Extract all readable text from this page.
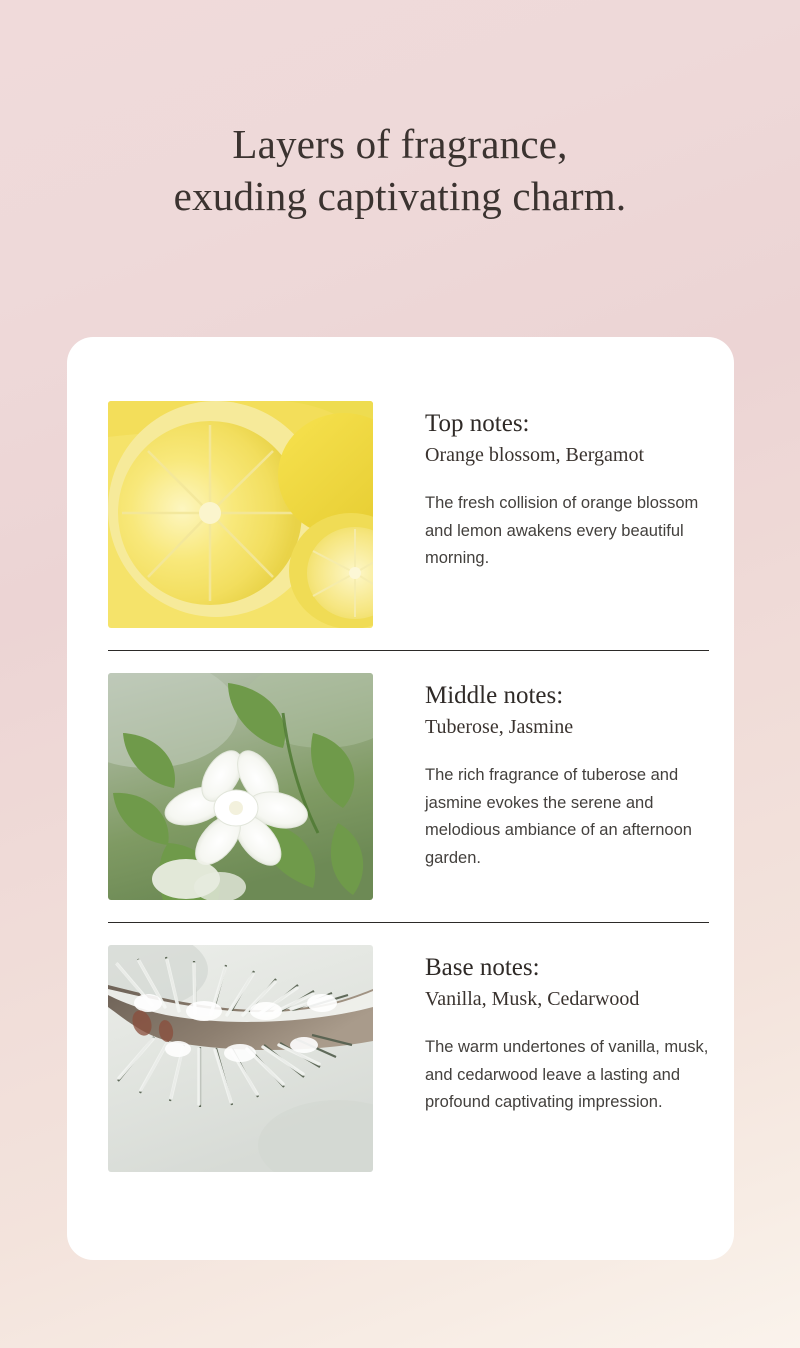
Layers of fragrance,
exuding captivating charm.

Top notes:

Orange blossom, Bergamot

The fresh collision of orange blossom and lemon awakens every beautiful morning.

Middle notes:

Tuberose, Jasmine

The rich fragrance of tuberose and jasmine evokes the serene and melodious ambiance of an afternoon garden.

Base notes:

Vanilla, Musk, Cedarwood

The warm undertones of vanilla, musk, and cedarwood leave a lasting and profound captivating impression.
